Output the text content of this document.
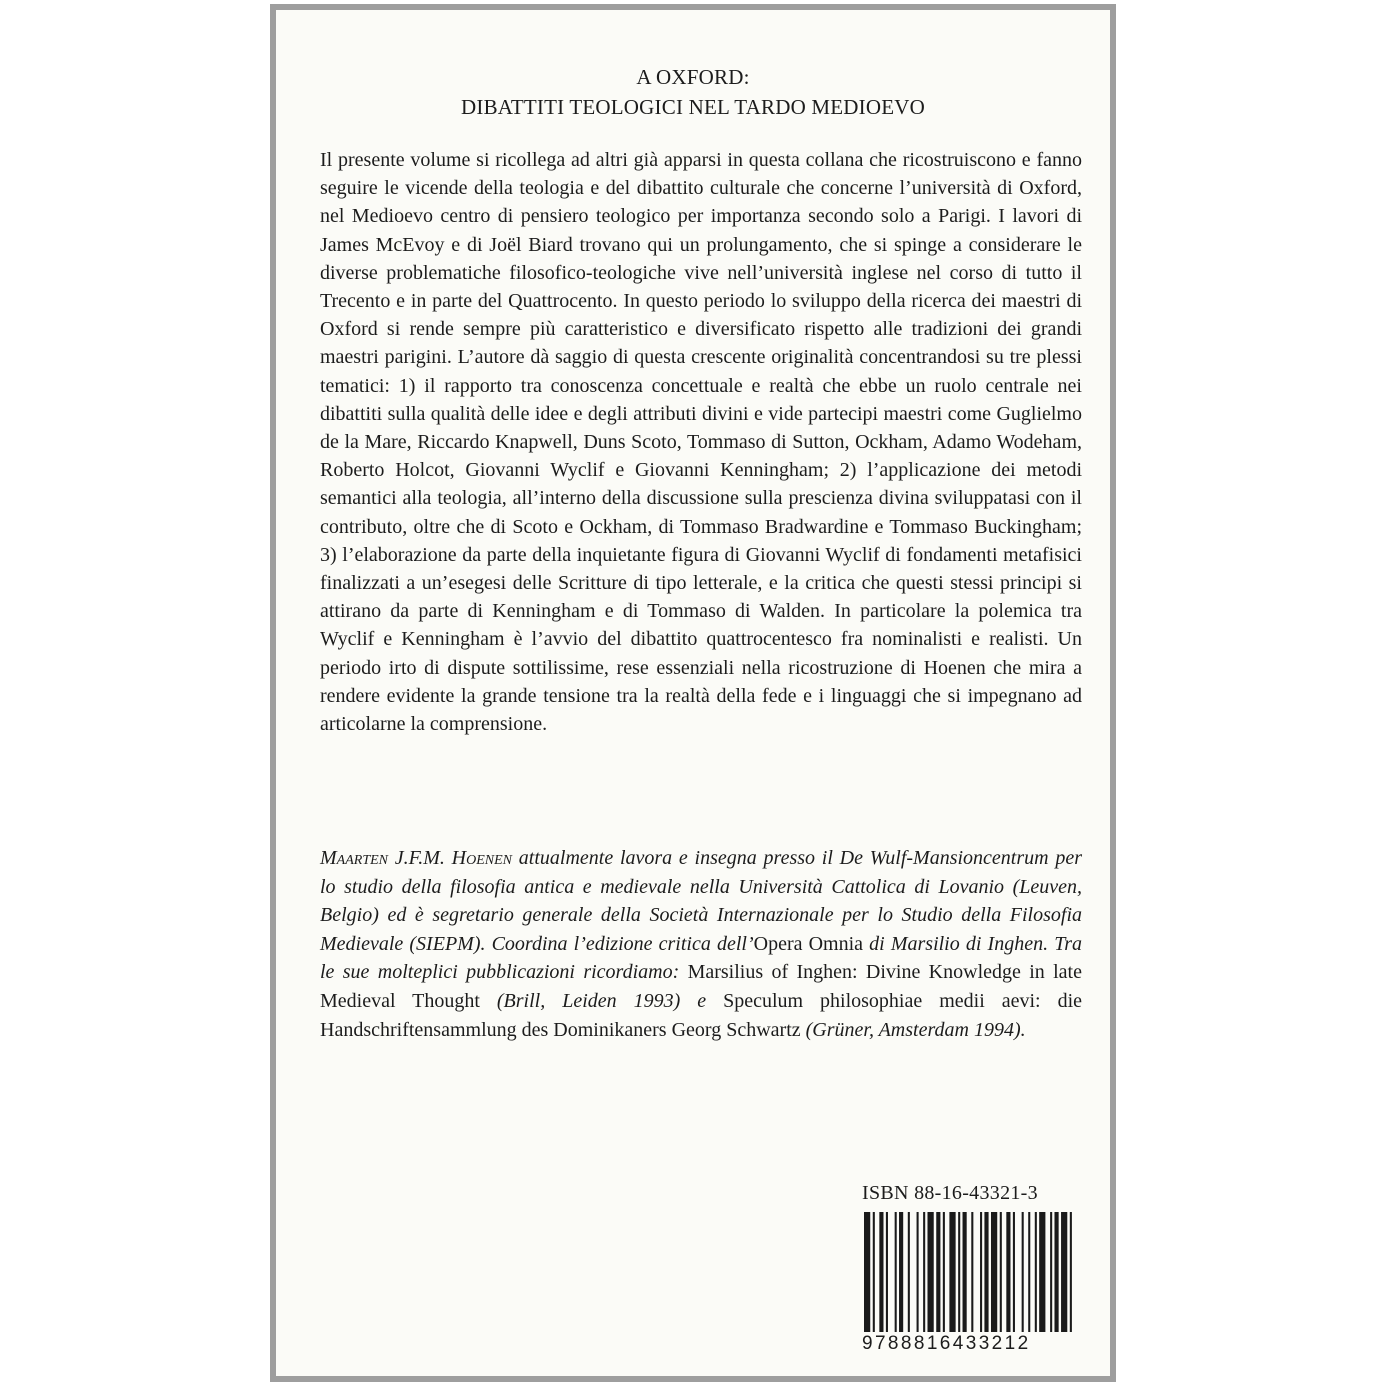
A OXFORD:
DIBATTITI TEOLOGICI NEL TARDO MEDIOEVO

Il presente volume si ricollega ad altri già apparsi in questa collana che ricostruiscono e fanno seguire le vicende della teologia e del dibattito culturale che concerne l’università di Oxford, nel Medioevo centro di pensiero teologico per importanza secondo solo a Parigi. I lavori di James McEvoy e di Joël Biard trovano qui un prolungamento, che si spinge a considerare le diverse problematiche filosofico-teologiche vive nell’università inglese nel corso di tutto il Trecento e in parte del Quattrocento. In questo periodo lo sviluppo della ricerca dei maestri di Oxford si rende sempre più caratteristico e diversificato rispetto alle tradizioni dei grandi maestri parigini. L’autore dà saggio di questa crescente originalità concentrandosi su tre plessi tematici: 1) il rapporto tra conoscenza concettuale e realtà che ebbe un ruolo centrale nei dibattiti sulla qualità delle idee e degli attributi divini e vide partecipi maestri come Guglielmo de la Mare, Riccardo Knapwell, Duns Scoto, Tommaso di Sutton, Ockham, Adamo Wodeham, Roberto Holcot, Giovanni Wyclif e Giovanni Kenningham; 2) l’applicazione dei metodi semantici alla teologia, all’interno della discussione sulla prescienza divina sviluppatasi con il contributo, oltre che di Scoto e Ockham, di Tommaso Bradwardine e Tommaso Buckingham; 3) l’elaborazione da parte della inquietante figura di Giovanni Wyclif di fondamenti metafisici finalizzati a un’esegesi delle Scritture di tipo letterale, e la critica che questi stessi principi si attirano da parte di Kenningham e di Tommaso di Walden. In particolare la polemica tra Wyclif e Kenningham è l’avvio del dibattito quattrocentesco fra nominalisti e realisti. Un periodo irto di dispute sottilissime, rese essenziali nella ricostruzione di Hoenen che mira a rendere evidente la grande tensione tra la realtà della fede e i linguaggi che si impegnano ad articolarne la comprensione.

Maarten J.F.M. Hoenen attualmente lavora e insegna presso il De Wulf-Mansioncentrum per lo studio della filosofia antica e medievale nella Università Cattolica di Lovanio (Leuven, Belgio) ed è segretario generale della Società Internazionale per lo Studio della Filosofia Medievale (SIEPM). Coordina l’edizione critica dell’Opera Omnia di Marsilio di Inghen. Tra le sue molteplici pubblicazioni ricordiamo: Marsilius of Inghen: Divine Knowledge in late Medieval Thought (Brill, Leiden 1993) e Speculum philosophiae medii aevi: die Handschriftensammlung des Dominikaners Georg Schwartz (Grüner, Amsterdam 1994).

ISBN 88-16-43321-3
9788816433212
